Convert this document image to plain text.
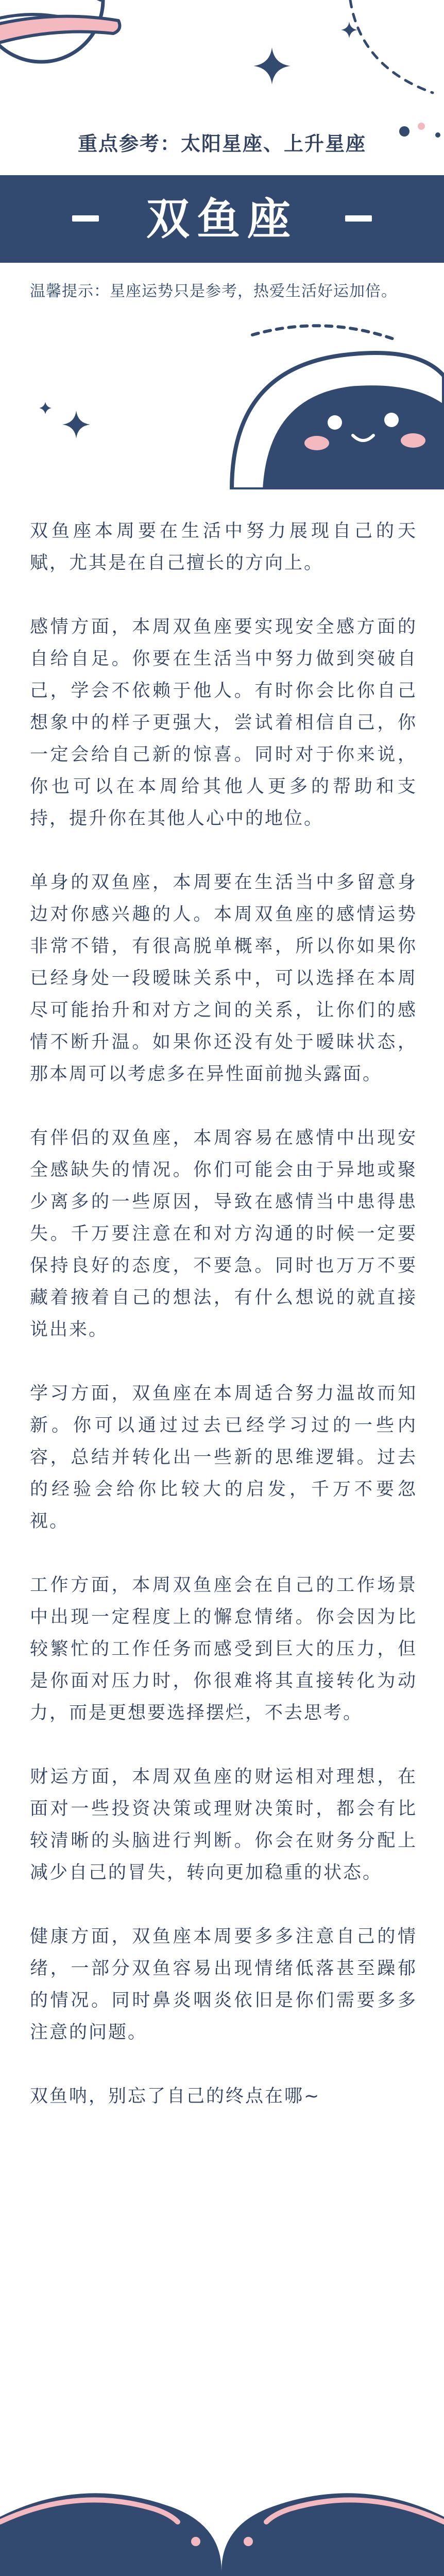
重点参考：太阳星座、上升星座
双鱼座
温馨提示：星座运势只是参考，热爱生活好运加倍。

双鱼座本周要在生活中努力展现自己的天赋，尤其是在自己擅长的方向上。

感情方面，本周双鱼座要实现安全感方面的自给自足。你要在生活当中努力做到突破自己，学会不依赖于他人。有时你会比你自己想象中的样子更强大，尝试着相信自己，你一定会给自己新的惊喜。同时对于你来说，你也可以在本周给其他人更多的帮助和支持，提升你在其他人心中的地位。

单身的双鱼座，本周要在生活当中多留意身边对你感兴趣的人。本周双鱼座的感情运势非常不错，有很高脱单概率，所以你如果你已经身处一段暧昧关系中，可以选择在本周尽可能抬升和对方之间的关系，让你们的感情不断升温。如果你还没有处于暧昧状态，那本周可以考虑多在异性面前抛头露面。

有伴侣的双鱼座，本周容易在感情中出现安全感缺失的情况。你们可能会由于异地或聚少离多的一些原因，导致在感情当中患得患失。千万要注意在和对方沟通的时候一定要保持良好的态度，不要急。同时也万万不要藏着掖着自己的想法，有什么想说的就直接说出来。

学习方面，双鱼座在本周适合努力温故而知新。你可以通过过去已经学习过的一些内容，总结并转化出一些新的思维逻辑。过去的经验会给你比较大的启发，千万不要忽视。

工作方面，本周双鱼座会在自己的工作场景中出现一定程度上的懈怠情绪。你会因为比较繁忙的工作任务而感受到巨大的压力，但是你面对压力时，你很难将其直接转化为动力，而是更想要选择摆烂，不去思考。

财运方面，本周双鱼座的财运相对理想，在面对一些投资决策或理财决策时，都会有比较清晰的头脑进行判断。你会在财务分配上减少自己的冒失，转向更加稳重的状态。

健康方面，双鱼座本周要多多注意自己的情绪，一部分双鱼容易出现情绪低落甚至躁郁的情况。同时鼻炎咽炎依旧是你们需要多多注意的问题。

双鱼呐，别忘了自己的终点在哪~
